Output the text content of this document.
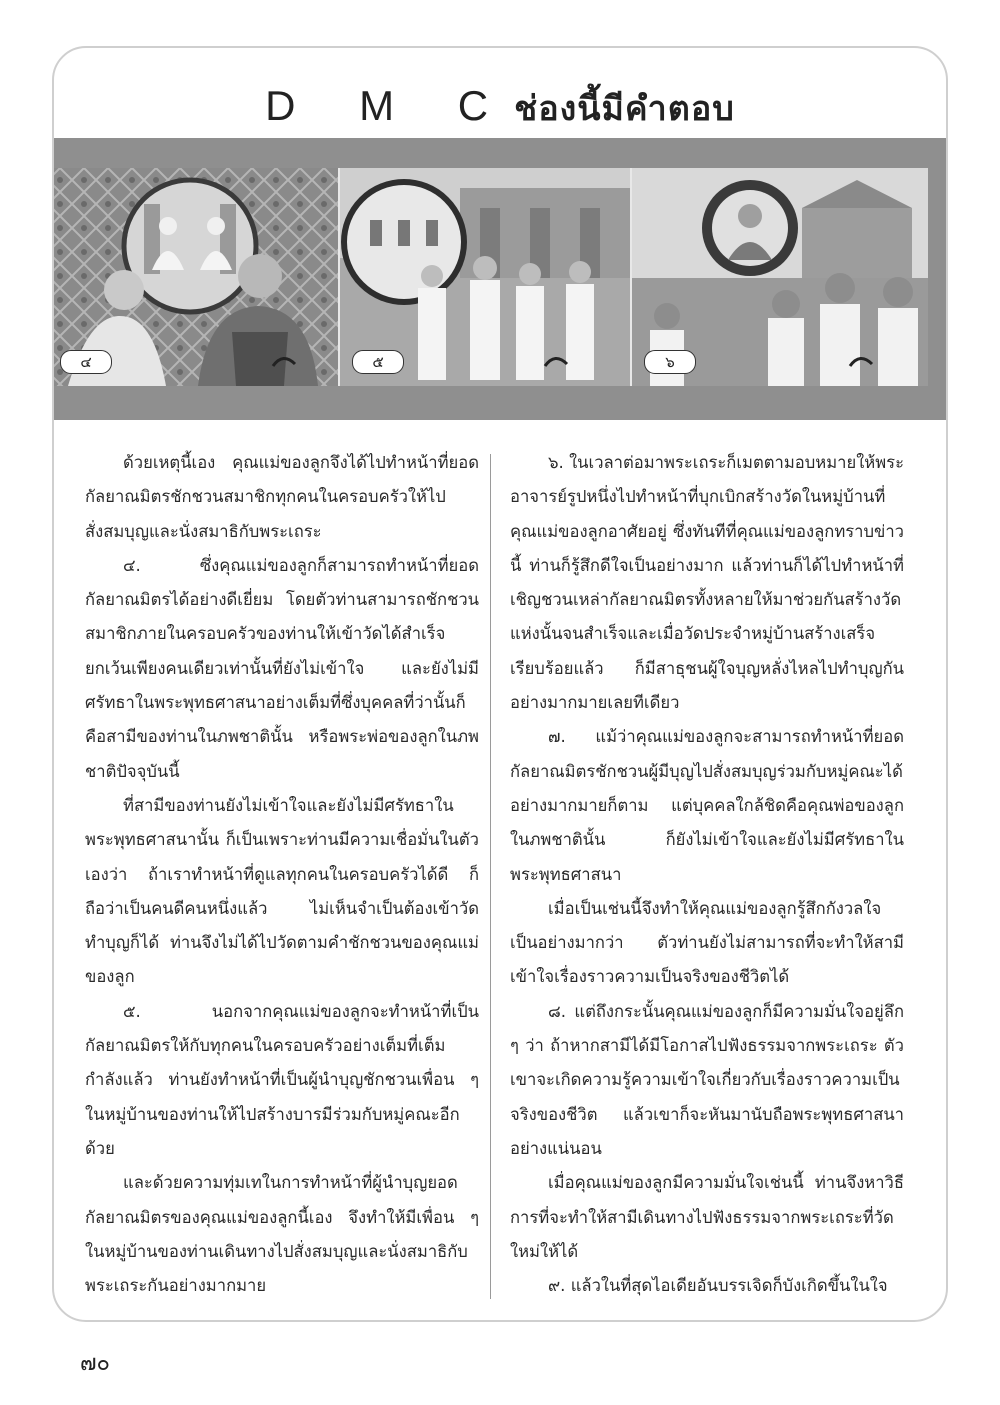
D M Cช่องนี้มีคำตอบ
๔	๕	๖

ด้วยเหตุนี้เอง คุณแม่ของลูกจึงได้ไปทำหน้าที่ยอดกัลยาณมิตรชักชวนสมาชิกทุกคนในครอบครัวให้ไปสั่งสมบุญและนั่งสมาธิกับพระเถระ

๔. ซึ่งคุณแม่ของลูกก็สามารถทำหน้าที่ยอดกัลยาณมิตรได้อย่างดีเยี่ยม โดยตัวท่านสามารถชักชวนสมาชิกภายในครอบครัวของท่านให้เข้าวัดได้สำเร็จ ยกเว้นเพียงคนเดียวเท่านั้นที่ยังไม่เข้าใจ และยังไม่มีศรัทธาในพระพุทธศาสนาอย่างเต็มที่ซึ่งบุคคลที่ว่านั้นก็คือสามีของท่านในภพชาตินั้น หรือพระพ่อของลูกในภพชาติปัจจุบันนี้

ที่สามีของท่านยังไม่เข้าใจและยังไม่มีศรัทธาในพระพุทธศาสนานั้น ก็เป็นเพราะท่านมีความเชื่อมั่นในตัวเองว่า ถ้าเราทำหน้าที่ดูแลทุกคนในครอบครัวได้ดี ก็ถือว่าเป็นคนดีคนหนึ่งแล้ว ไม่เห็นจำเป็นต้องเข้าวัดทำบุญก็ได้ ท่านจึงไม่ได้ไปวัดตามคำชักชวนของคุณแม่ของลูก

๕. นอกจากคุณแม่ของลูกจะทำหน้าที่เป็นกัลยาณมิตรให้กับทุกคนในครอบครัวอย่างเต็มที่เต็มกำลังแล้ว ท่านยังทำหน้าที่เป็นผู้นำบุญชักชวนเพื่อน ๆ ในหมู่บ้านของท่านให้ไปสร้างบารมีร่วมกับหมู่คณะอีกด้วย

และด้วยความทุ่มเทในการทำหน้าที่ผู้นำบุญยอดกัลยาณมิตรของคุณแม่ของลูกนี้เอง จึงทำให้มีเพื่อน ๆ ในหมู่บ้านของท่านเดินทางไปสั่งสมบุญและนั่งสมาธิกับพระเถระกันอย่างมากมาย

๖. ในเวลาต่อมาพระเถระก็เมตตามอบหมายให้พระอาจารย์รูปหนึ่งไปทำหน้าที่บุกเบิกสร้างวัดในหมู่บ้านที่คุณแม่ของลูกอาศัยอยู่ ซึ่งทันทีที่คุณแม่ของลูกทราบข่าวนี้ ท่านก็รู้สึกดีใจเป็นอย่างมาก แล้วท่านก็ได้ไปทำหน้าที่เชิญชวนเหล่ากัลยาณมิตรทั้งหลายให้มาช่วยกันสร้างวัดแห่งนั้นจนสำเร็จและเมื่อวัดประจำหมู่บ้านสร้างเสร็จเรียบร้อยแล้ว ก็มีสาธุชนผู้ใจบุญหลั่งไหลไปทำบุญกันอย่างมากมายเลยทีเดียว

๗. แม้ว่าคุณแม่ของลูกจะสามารถทำหน้าที่ยอดกัลยาณมิตรชักชวนผู้มีบุญไปสั่งสมบุญร่วมกับหมู่คณะได้อย่างมากมายก็ตาม แต่บุคคลใกล้ชิดคือคุณพ่อของลูกในภพชาตินั้น ก็ยังไม่เข้าใจและยังไม่มีศรัทธาในพระพุทธศาสนา

เมื่อเป็นเช่นนี้จึงทำให้คุณแม่ของลูกรู้สึกกังวลใจเป็นอย่างมากว่า ตัวท่านยังไม่สามารถที่จะทำให้สามีเข้าใจเรื่องราวความเป็นจริงของชีวิตได้

๘. แต่ถึงกระนั้นคุณแม่ของลูกก็มีความมั่นใจอยู่ลึก ๆ ว่า ถ้าหากสามีได้มีโอกาสไปฟังธรรมจากพระเถระ ตัวเขาจะเกิดความรู้ความเข้าใจเกี่ยวกับเรื่องราวความเป็นจริงของชีวิต แล้วเขาก็จะหันมานับถือพระพุทธศาสนาอย่างแน่นอน

เมื่อคุณแม่ของลูกมีความมั่นใจเช่นนี้ ท่านจึงหาวิธีการที่จะทำให้สามีเดินทางไปฟังธรรมจากพระเถระที่วัดใหม่ให้ได้

๙. แล้วในที่สุดไอเดียอันบรรเจิดก็บังเกิดขึ้นในใจ

๗๐
